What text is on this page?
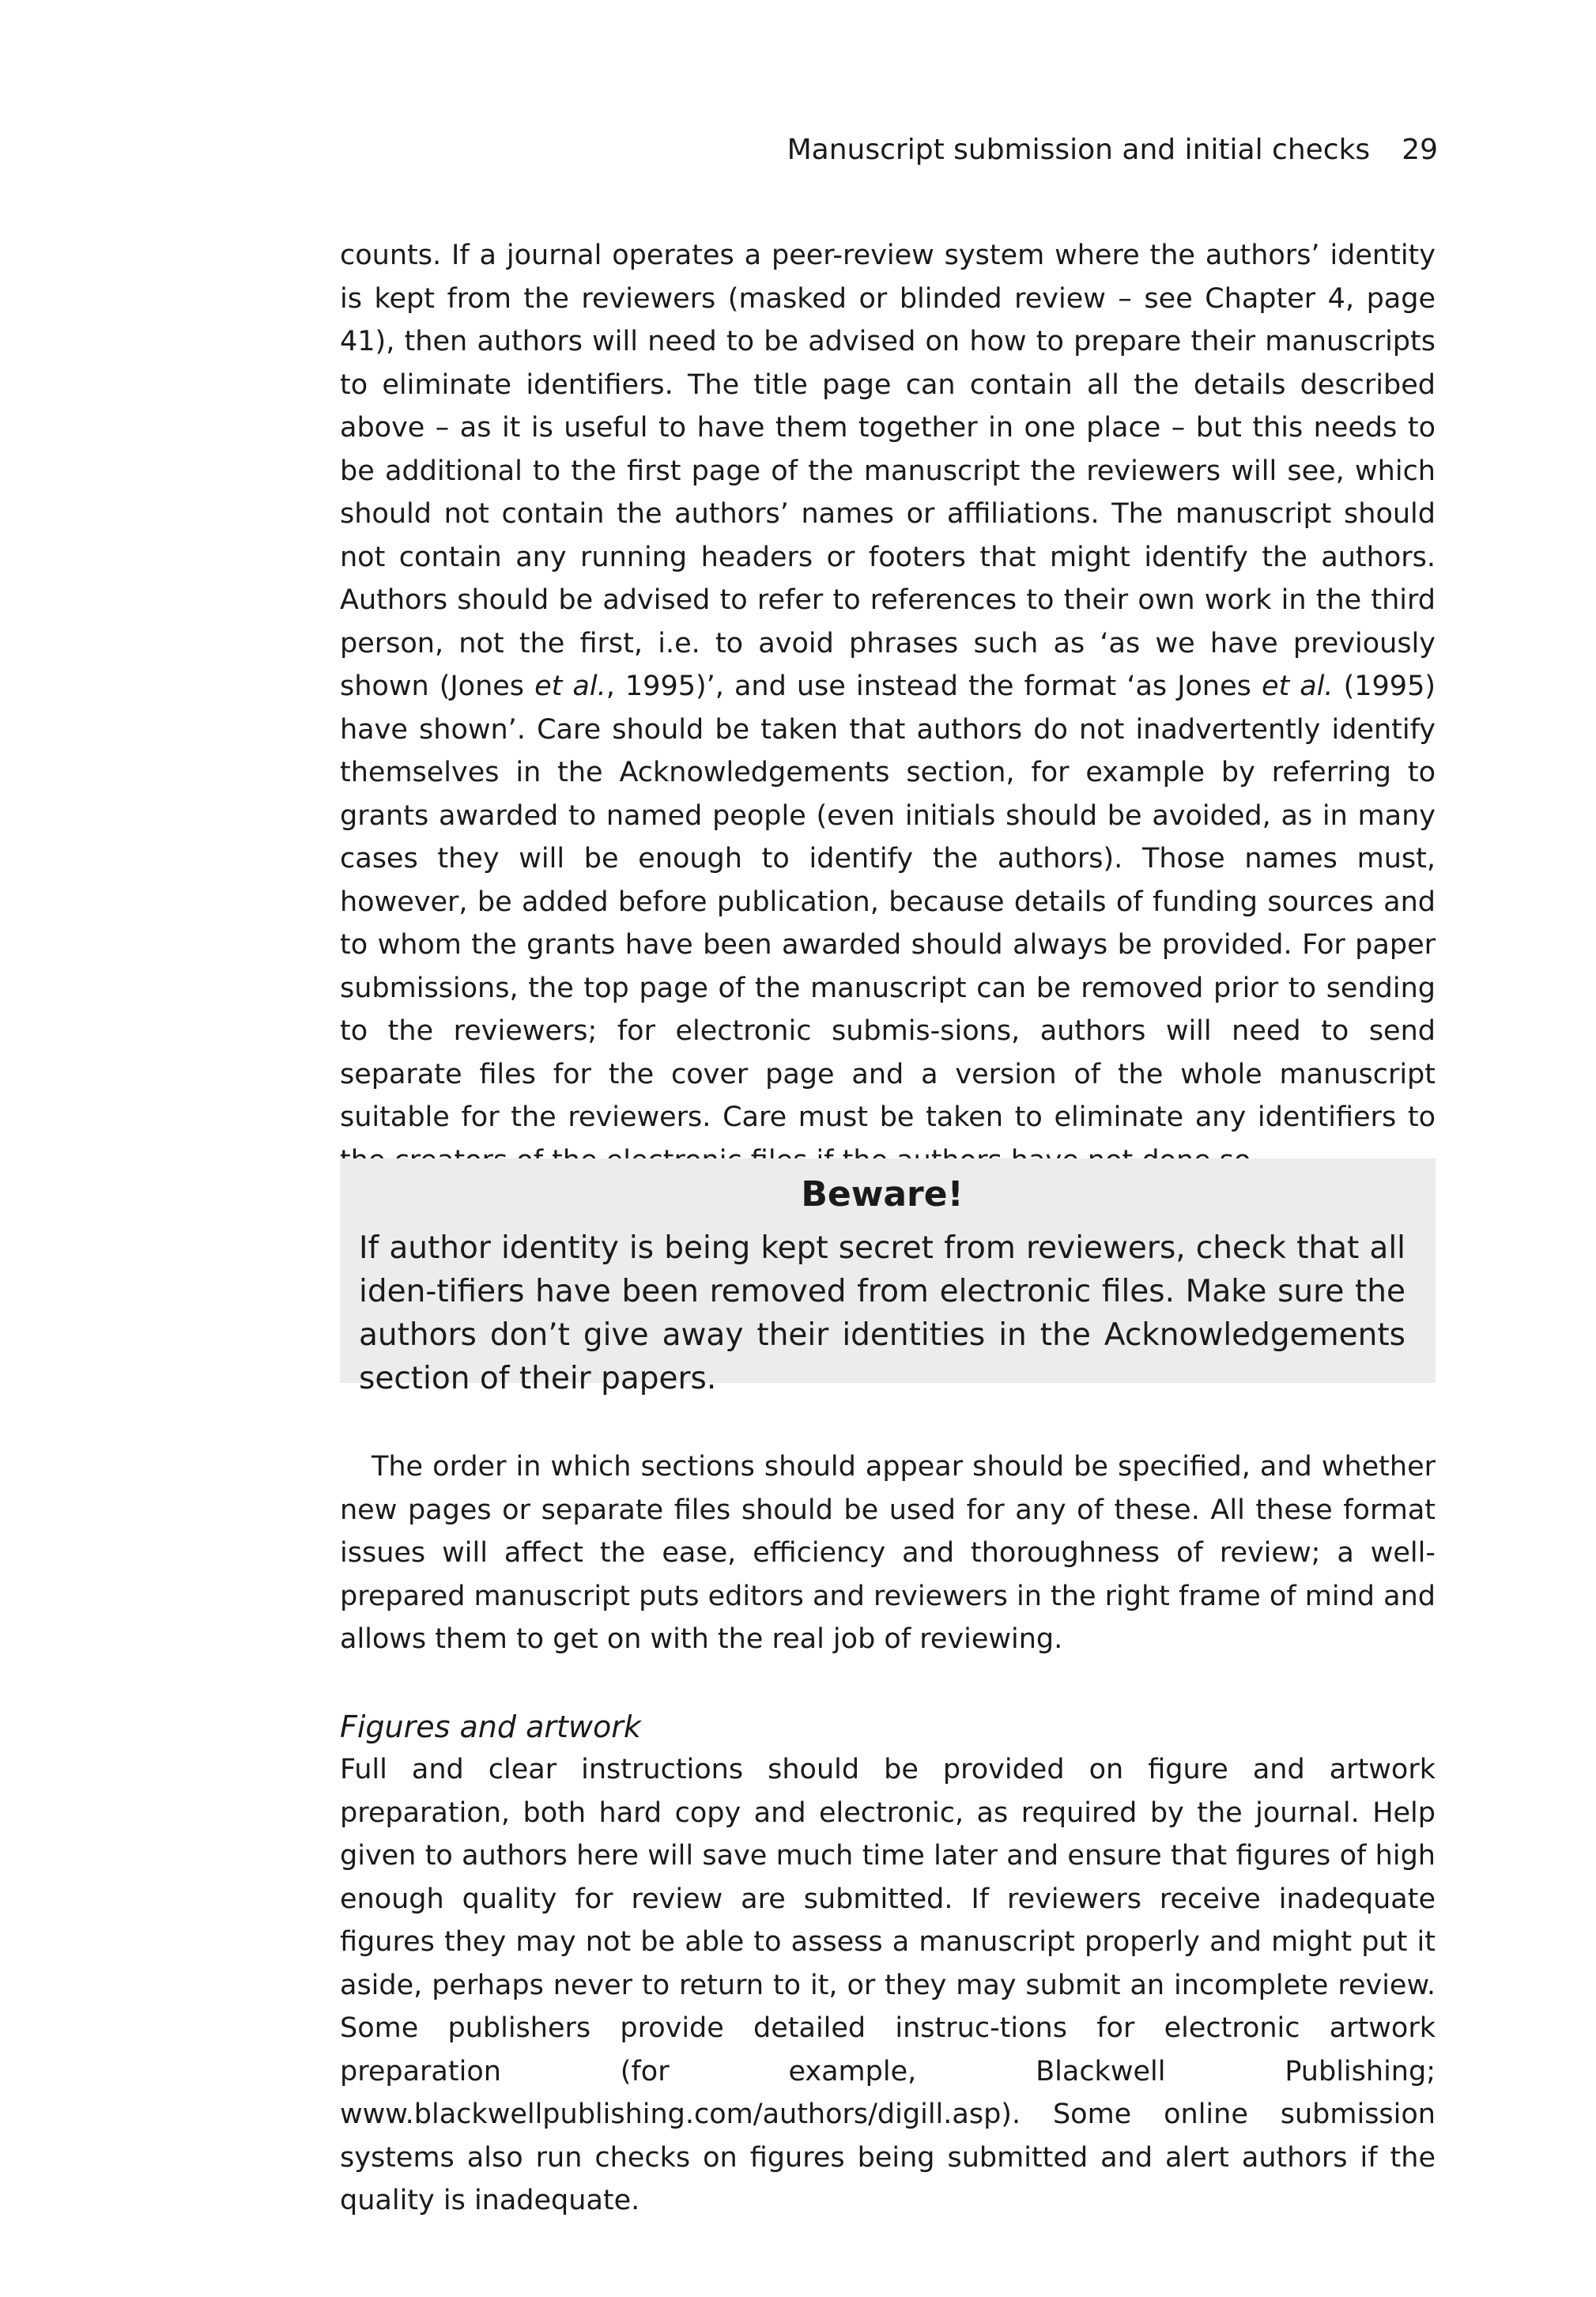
Manuscript submission and initial checks 29
counts. If a journal operates a peer-review system where the authors’ identity is kept from the reviewers (masked or blinded review – see Chapter 4, page 41), then authors will need to be advised on how to prepare their manuscripts to eliminate identifiers. The title page can contain all the details described above – as it is useful to have them together in one place – but this needs to be additional to the first page of the manuscript the reviewers will see, which should not contain the authors’ names or affiliations. The manuscript should not contain any running headers or footers that might identify the authors. Authors should be advised to refer to references to their own work in the third person, not the first, i.e. to avoid phrases such as ‘as we have previously shown (Jones et al., 1995)’, and use instead the format ‘as Jones et al. (1995) have shown’. Care should be taken that authors do not inadvertently identify themselves in the Acknowledgements section, for example by referring to grants awarded to named people (even initials should be avoided, as in many cases they will be enough to identify the authors). Those names must, however, be added before publication, because details of funding sources and to whom the grants have been awarded should always be provided. For paper submissions, the top page of the manuscript can be removed prior to sending to the reviewers; for electronic submis-sions, authors will need to send separate files for the cover page and a version of the whole manuscript suitable for the reviewers. Care must be taken to eliminate any identifiers to
Beware!
If author identity is being kept secret from reviewers, check that all iden-tifiers have been removed from electronic files. Make sure the authors don’t give away their identities in the Acknowledgements section of their papers.
The order in which sections should appear should be specified, and whether new pages or separate files should be used for any of these. All these format issues will affect the ease, efficiency and thoroughness of review; a well-prepared manuscript puts editors and reviewers in the right frame of mind and allows them to get on with the real job of reviewing.
Figures and artwork
Full and clear instructions should be provided on figure and artwork preparation, both hard copy and electronic, as required by the journal. Help given to authors here will save much time later and ensure that figures of high enough quality for review are submitted. If reviewers receive inadequate figures they may not be able to assess a manuscript properly and might put it aside, perhaps never to return to it, or they may submit an incomplete review. Some publishers provide detailed instruc-tions for electronic artwork preparation (for example, Blackwell Publishing; www.blackwellpublishing.com/authors/digill.asp). Some online submission systems also run checks on figures being submitted and alert authors if the quality is inadequate.
